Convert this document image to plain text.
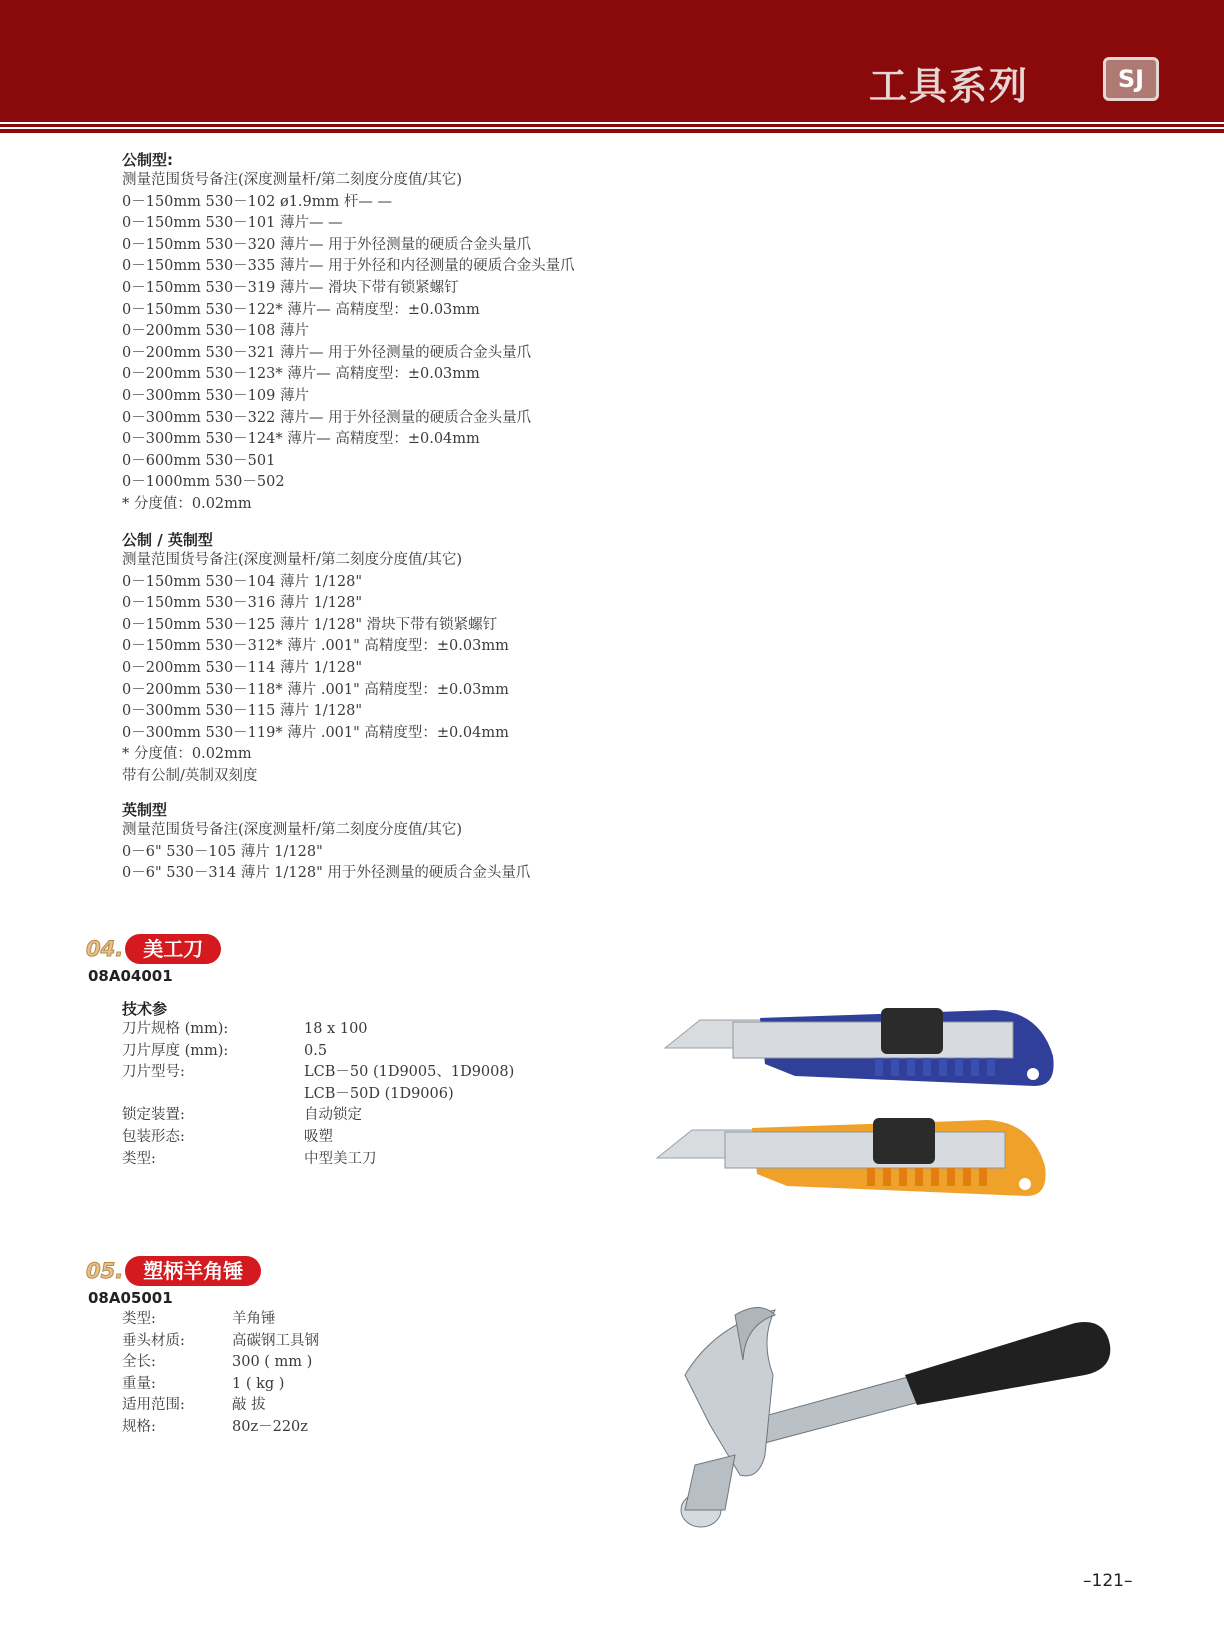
工具系列	SJ
公制型:
测量范围货号备注(深度测量杆/第二刻度分度值/其它)
0－150mm 530－102 ø1.9mm 杆— —
0－150mm 530－101 薄片— —
0－150mm 530－320 薄片— 用于外径测量的硬质合金头量爪
0－150mm 530－335 薄片— 用于外径和内径测量的硬质合金头量爪
0－150mm 530－319 薄片— 滑块下带有锁紧螺钉
0－150mm 530－122* 薄片— 高精度型：±0.03mm
0－200mm 530－108 薄片
0－200mm 530－321 薄片— 用于外径测量的硬质合金头量爪
0－200mm 530－123* 薄片— 高精度型：±0.03mm
0－300mm 530－109 薄片
0－300mm 530－322 薄片— 用于外径测量的硬质合金头量爪
0－300mm 530－124* 薄片— 高精度型：±0.04mm
0－600mm 530－501
0－1000mm 530－502
* 分度值：0.02mm
公制 / 英制型
测量范围货号备注(深度测量杆/第二刻度分度值/其它)
0－150mm 530－104 薄片 1/128"
0－150mm 530－316 薄片 1/128"
0－150mm 530－125 薄片 1/128" 滑块下带有锁紧螺钉
0－150mm 530－312* 薄片 .001" 高精度型：±0.03mm
0－200mm 530－114 薄片 1/128"
0－200mm 530－118* 薄片 .001" 高精度型：±0.03mm
0－300mm 530－115 薄片 1/128"
0－300mm 530－119* 薄片 .001" 高精度型：±0.04mm
* 分度值：0.02mm
带有公制/英制双刻度
英制型
测量范围货号备注(深度测量杆/第二刻度分度值/其它)
0－6" 530－105 薄片 1/128"
0－6" 530－314 薄片 1/128" 用于外径测量的硬质合金头量爪
04.	美工刀
08A04001
技术参
刀片规格 (mm):	18 x 100
刀片厚度 (mm):	0.5
刀片型号:	LCB－50 (1D9005、1D9008)
LCB－50D (1D9006)
锁定装置:	自动锁定
包装形态:	吸塑
类型:	中型美工刀
05.	塑柄羊角锤
08A05001
类型:	羊角锤
垂头材质:	高碳钢工具钢
全长:	300 ( mm )
重量:	1 ( kg )
适用范围:	敲 拔
规格:	80z－220z
–121–
